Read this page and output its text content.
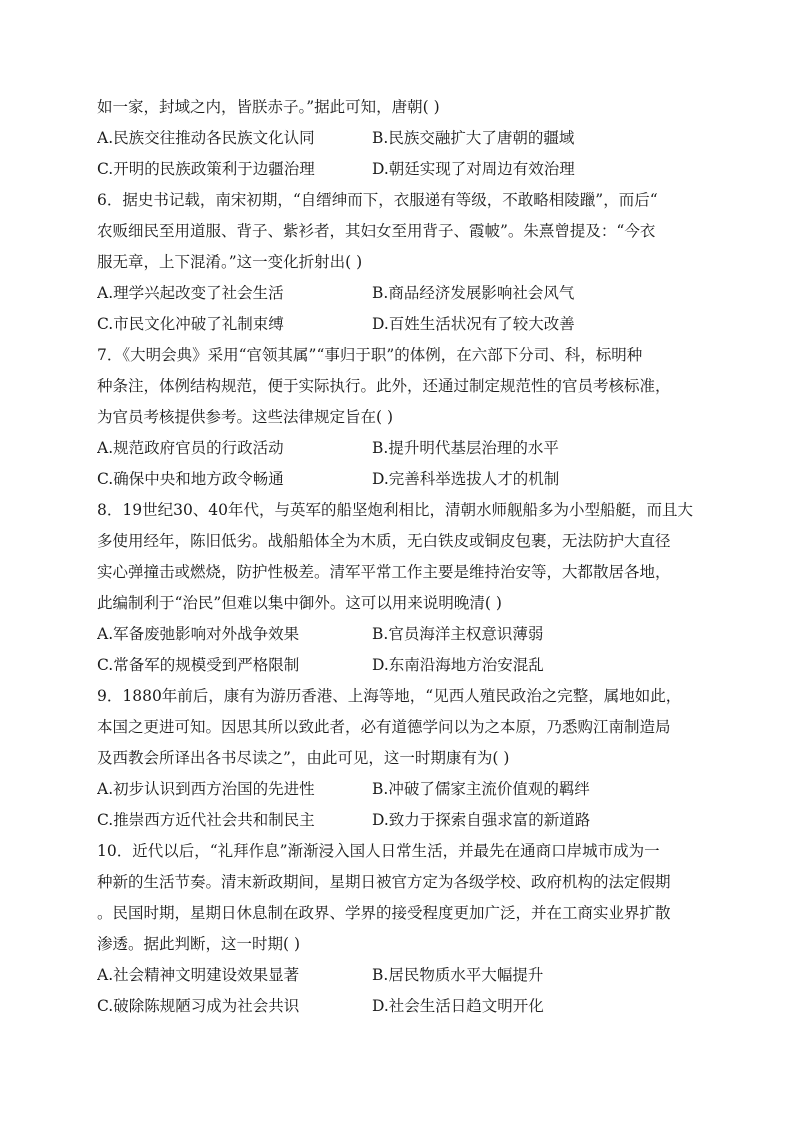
如一家，封域之内，皆朕赤子。”据此可知，唐朝( )
A.民族交往推动各民族文化认同	B.民族交融扩大了唐朝的疆域
C.开明的民族政策利于边疆治理	D.朝廷实现了对周边有效治理
6．据史书记载，南宋初期，“自缙绅而下，衣服递有等级，不敢略相陵躐”，而后“
农贩细民至用道服、背子、紫衫者，其妇女至用背子、霞帔”。朱熹曾提及：“今衣
服无章，上下混淆。”这一变化折射出( )
A.理学兴起改变了社会生活	B.商品经济发展影响社会风气
C.市民文化冲破了礼制束缚	D.百姓生活状况有了较大改善
7．《大明会典》采用“官领其属”“事归于职”的体例，在六部下分司、科，标明种
种条注，体例结构规范，便于实际执行。此外，还通过制定规范性的官员考核标准，
为官员考核提供参考。这些法律规定旨在( )
A.规范政府官员的行政活动	B.提升明代基层治理的水平
C.确保中央和地方政令畅通	D.完善科举选拔人才的机制
8．19世纪30、40年代，与英军的船坚炮利相比，清朝水师舰船多为小型船艇，而且大
多使用经年，陈旧低劣。战船船体全为木质，无白铁皮或铜皮包裹，无法防护大直径
实心弹撞击或燃烧，防护性极差。清军平常工作主要是维持治安等，大都散居各地，
此编制利于“治民”但难以集中御外。这可以用来说明晚清( )
A.军备废弛影响对外战争效果	B.官员海洋主权意识薄弱
C.常备军的规模受到严格限制	D.东南沿海地方治安混乱
9．1880年前后，康有为游历香港、上海等地，“见西人殖民政治之完整，属地如此，
本国之更进可知。因思其所以致此者，必有道德学问以为之本原，乃悉购江南制造局
及西教会所译出各书尽读之”，由此可见，这一时期康有为( )
A.初步认识到西方治国的先进性	B.冲破了儒家主流价值观的羁绊
C.推崇西方近代社会共和制民主	D.致力于探索自强求富的新道路
10．近代以后，“礼拜作息”渐渐浸入国人日常生活，并最先在通商口岸城市成为一
种新的生活节奏。清末新政期间，星期日被官方定为各级学校、政府机构的法定假期
。民国时期，星期日休息制在政界、学界的接受程度更加广泛，并在工商实业界扩散
渗透。据此判断，这一时期( )
A.社会精神文明建设效果显著	B.居民物质水平大幅提升
C.破除陈规陋习成为社会共识	D.社会生活日趋文明开化
